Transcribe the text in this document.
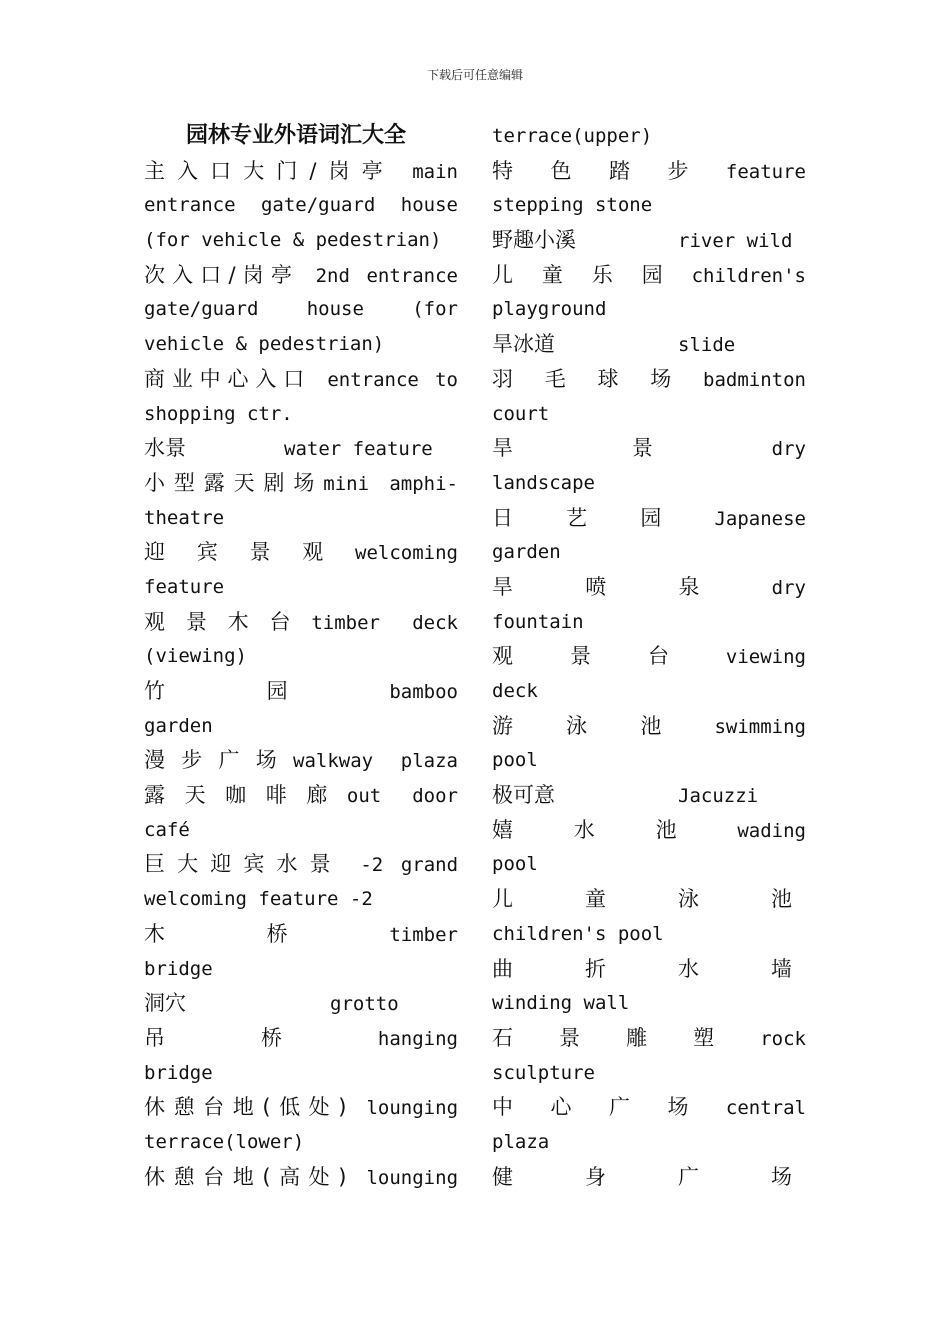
下载后可任意编辑
园林专业外语词汇大全
主入口大门/岗亭 main
entrance gate/guard house
(for vehicle & pedestrian)
次入口/岗亭 2nd entrance
gate/guard house (for
vehicle & pedestrian)
商业中心入口 entrance to
shopping ctr.
水景	water feature
小型露天剧场mini amphi-
theatre
迎宾景观welcoming
feature
观景木台timber deck
(viewing)
竹园bamboo
garden
漫步广场walkway plaza
露天咖啡廊out door
café
巨大迎宾水景 -2 grand
welcoming feature -2
木桥timber
bridge
洞穴	grotto
吊桥hanging
bridge
休憩台地(低处) lounging
terrace(lower)
休憩台地(高处) lounging
terrace(upper)
特色踏步feature
stepping stone
野趣小溪	river wild
儿童乐园children's
playground
旱冰道	slide
羽毛球场badminton
court
旱景dry
landscape
日艺园Japanese
garden
旱喷泉dry
fountain
观景台viewing
deck
游泳池swimming
pool
极可意	Jacuzzi
嬉水池wading
pool
儿童泳池
children's pool
曲折水墙
winding wall
石景雕塑rock
sculpture
中心广场central
plaza
健身广场
